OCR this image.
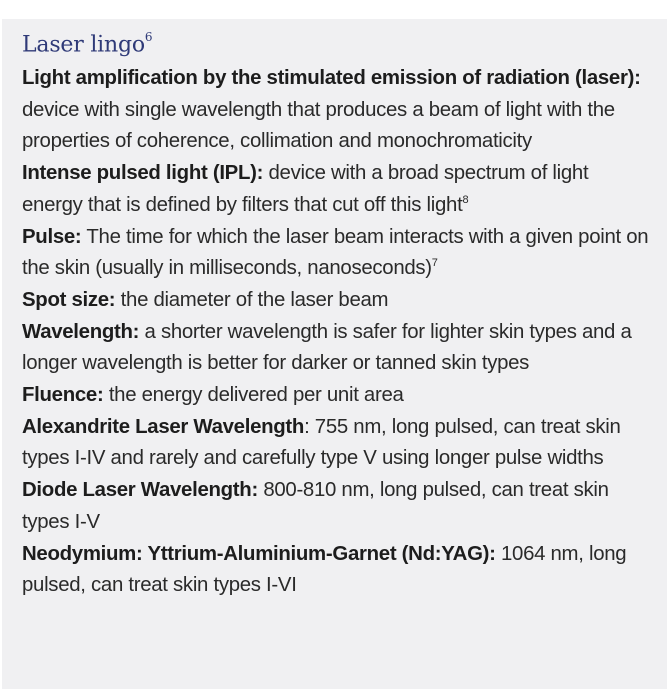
Laser lingo$^6$
Light amplification by the stimulated emission of radiation (laser): device with single wavelength that produces a beam of light with the properties of coherence, collimation and monochromaticity
Intense pulsed light (IPL): device with a broad spectrum of light energy that is defined by filters that cut off this light$^8$
Pulse: The time for which the laser beam interacts with a given point on the skin (usually in milliseconds, nanoseconds)$^7$
Spot size: the diameter of the laser beam
Wavelength: a shorter wavelength is safer for lighter skin types and a longer wavelength is better for darker or tanned skin types
Fluence: the energy delivered per unit area
Alexandrite Laser Wavelength: 755 nm, long pulsed, can treat skin types I-IV and rarely and carefully type V using longer pulse widths
Diode Laser Wavelength: 800-810 nm, long pulsed, can treat skin types I-V
Neodymium: Yttrium-Aluminium-Garnet (Nd:YAG): 1064 nm, long pulsed, can treat skin types I-VI
